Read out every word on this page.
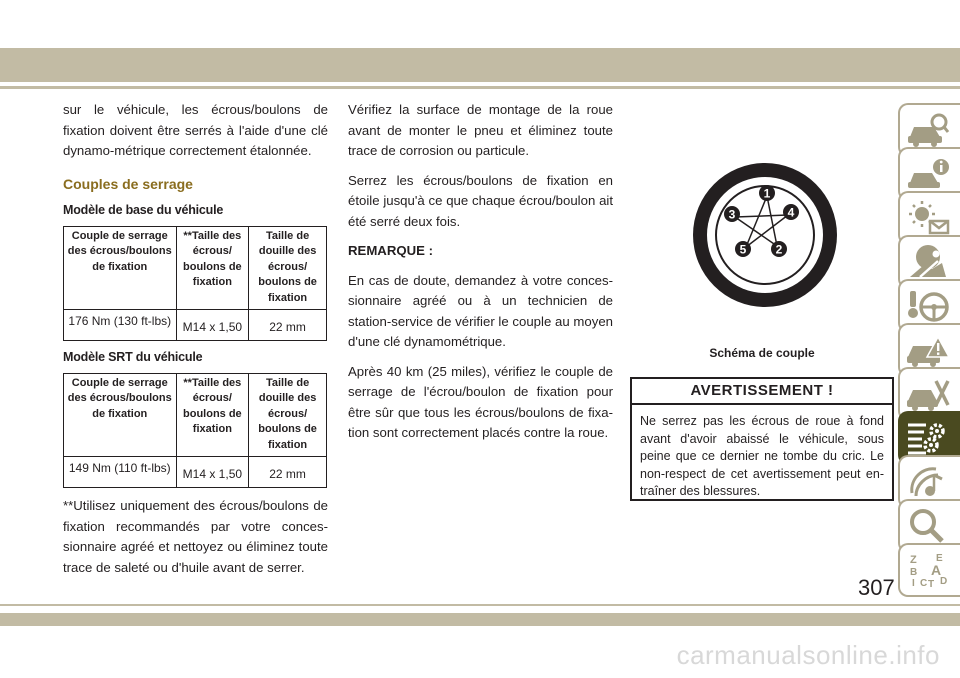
sur le véhicule, les écrous/boulons de fixation doivent être serrés à l'aide d'une clé dynamo-métrique correctement étalonnée.

Couples de serrage
Modèle de base du véhicule
Couple de serrage des écrous/boulons de fixation	**Taille des écrous/ boulons de fixation	Taille de douille des écrous/ boulons de fixation
176 Nm (130 ft-lbs)	M14 x 1,50	22 mm
Modèle SRT du véhicule
Couple de serrage des écrous/boulons de fixation	**Taille des écrous/ boulons de fixation	Taille de douille des écrous/ boulons de fixation
149 Nm (110 ft-lbs)	M14 x 1,50	22 mm

**Utilisez uniquement des écrous/boulons de fixation recommandés par votre conces-sionnaire agréé et nettoyez ou éliminez toute trace de saleté ou d'huile avant de serrer.

Vérifiez la surface de montage de la roue avant de monter le pneu et éliminez toute trace de corrosion ou particule.

Serrez les écrous/boulons de fixation en étoile jusqu'à ce que chaque écrou/boulon ait été serré deux fois.

REMARQUE :

En cas de doute, demandez à votre conces-sionnaire agréé ou à un technicien de station-service de vérifier le couple au moyen d'une clé dynamométrique.

Après 40 km (25 miles), vérifiez le couple de serrage de l'écrou/boulon de fixation pour être sûr que tous les écrous/boulons de fixa-tion sont correctement placés contre la roue.

1
4
2
5
3
Schéma de couple
AVERTISSEMENT !
Ne serrez pas les écrous de roue à fond avant d'avoir abaissé le véhicule, sous peine que ce dernier ne tombe du cric. Le non-respect de cet avertissement peut en-traîner des blessures.
Z E
B A
I C T D
307
carmanualsonline.info
